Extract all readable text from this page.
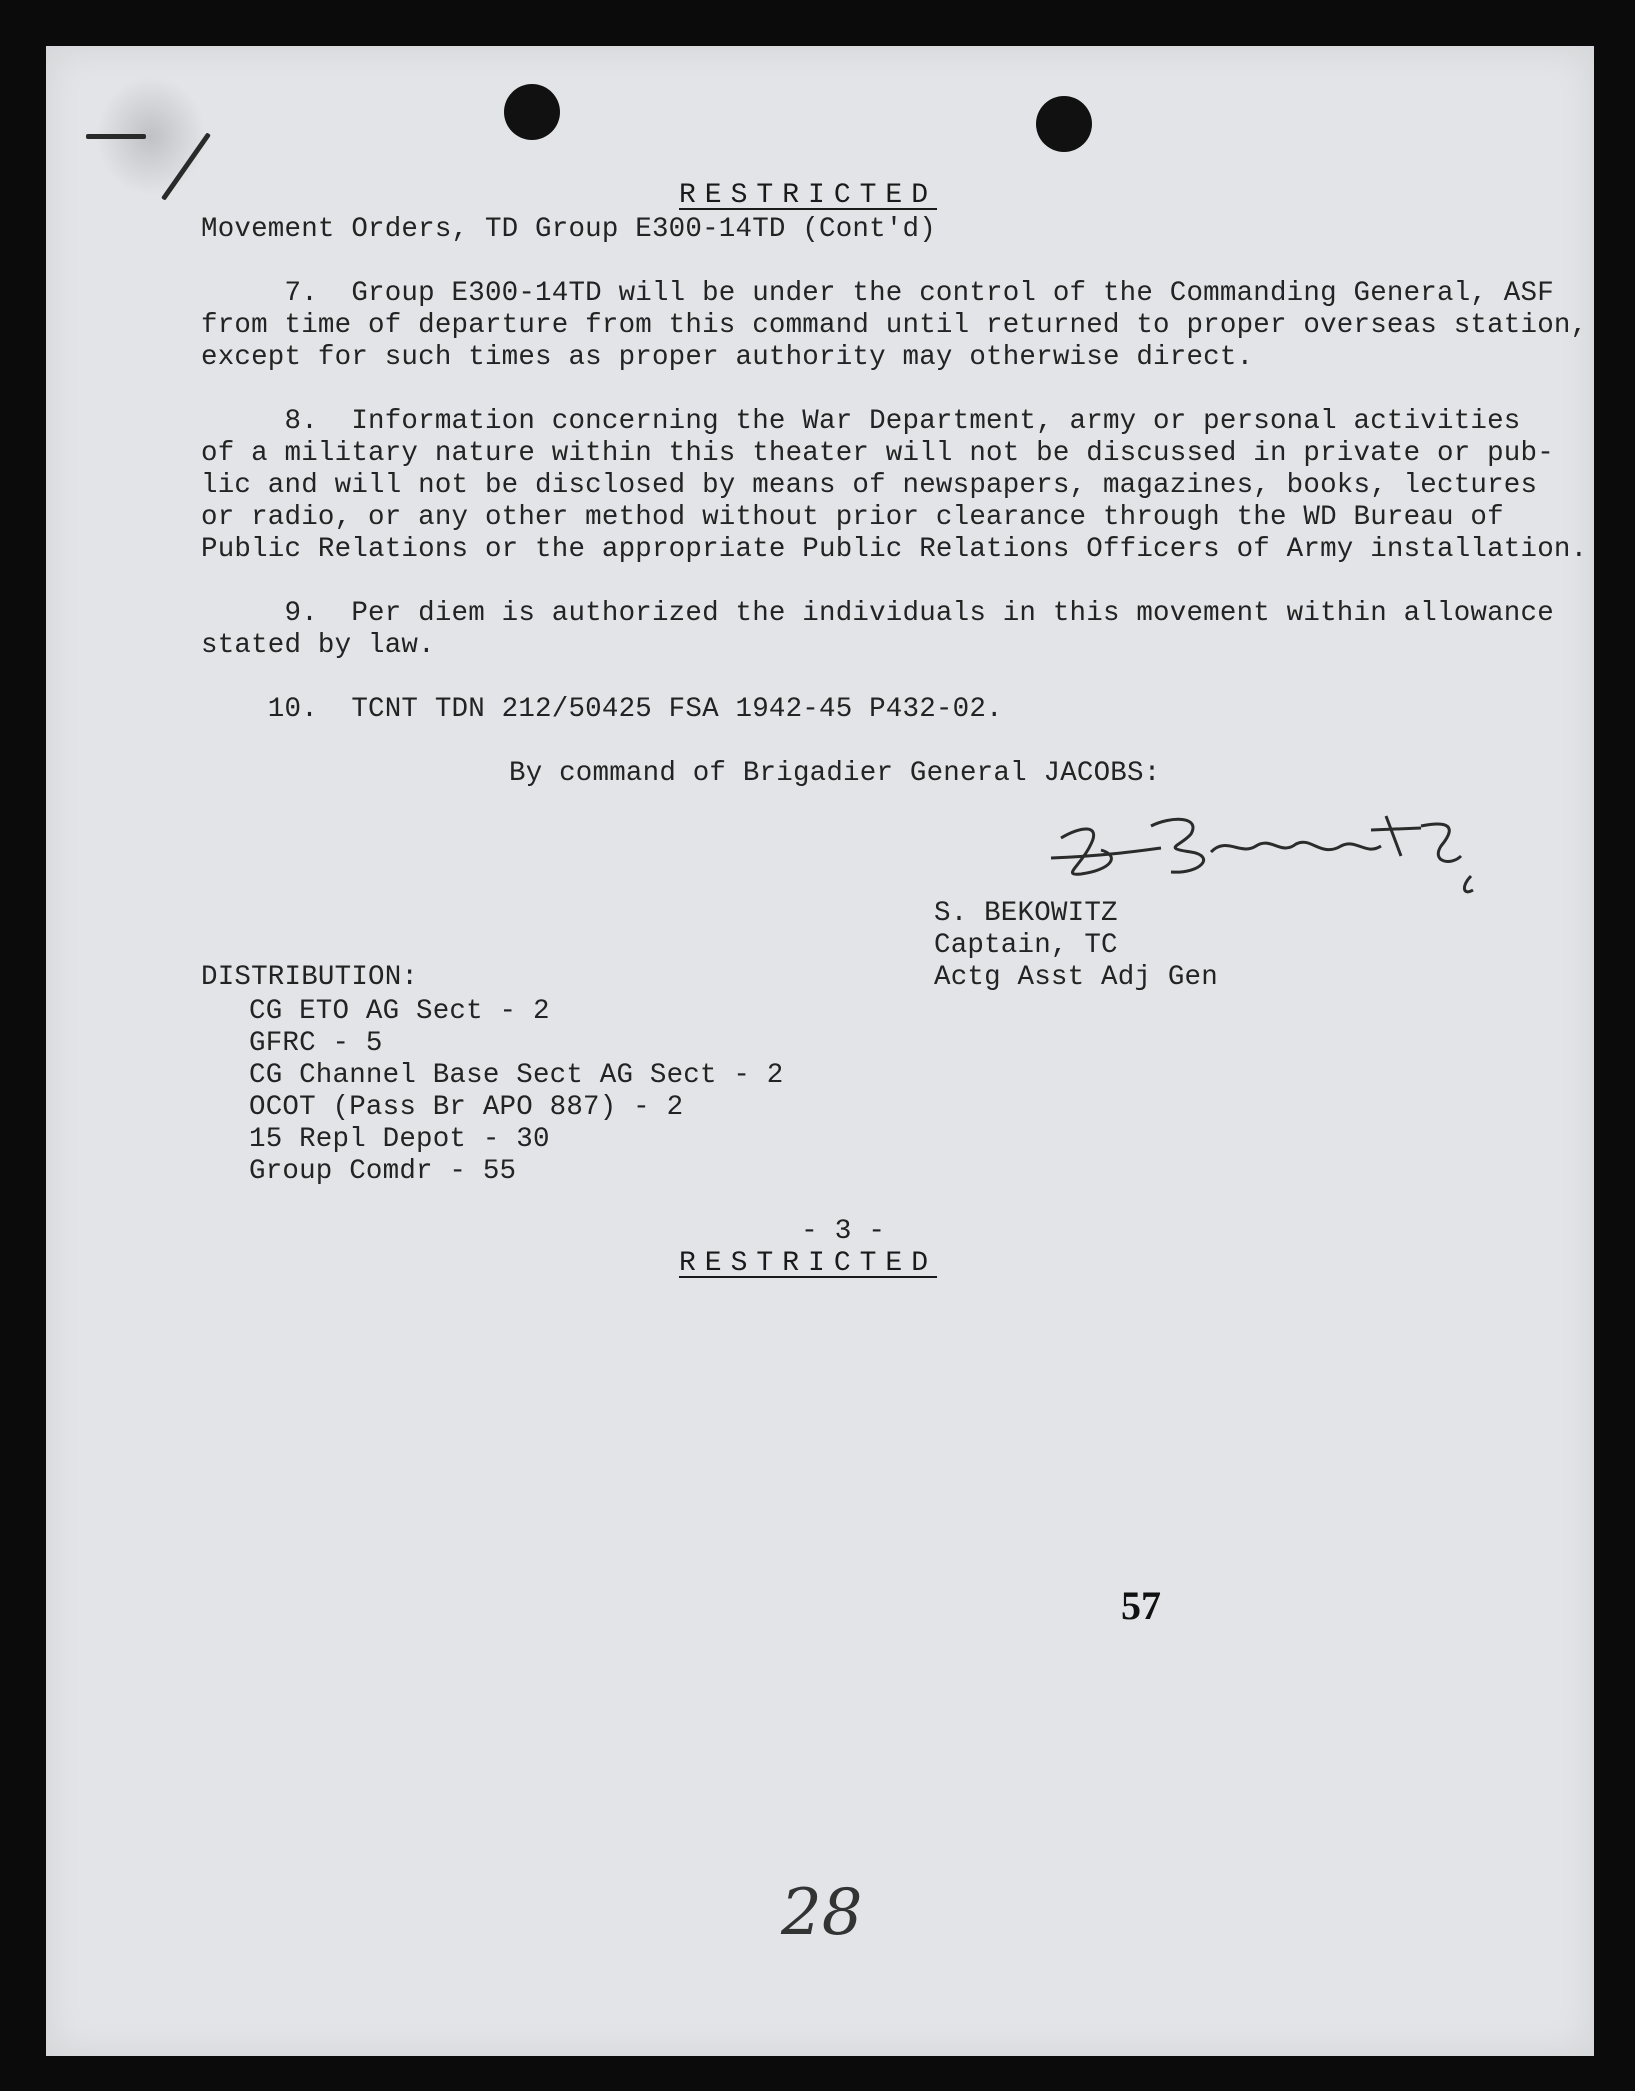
RESTRICTED
Movement Orders, TD Group E300-14TD (Cont'd)
7.  Group E300-14TD will be under the control of the Commanding General, ASF
from time of departure from this command until returned to proper overseas station,
except for such times as proper authority may otherwise direct.
8.  Information concerning the War Department, army or personal activities
of a military nature within this theater will not be discussed in private or pub-
lic and will not be disclosed by means of newspapers, magazines, books, lectures
or radio, or any other method without prior clearance through the WD Bureau of
Public Relations or the appropriate Public Relations Officers of Army installation.
9.  Per diem is authorized the individuals in this movement within allowance
stated by law.
10.  TCNT TDN 212/50425 FSA 1942-45 P432-02.
By command of Brigadier General JACOBS:
S. BEKOWITZ
Captain, TC
Actg Asst Adj Gen
DISTRIBUTION:
CG ETO AG Sect - 2
GFRC - 5
CG Channel Base Sect AG Sect - 2
OCOT (Pass Br APO 887) - 2
15 Repl Depot - 30
Group Comdr - 55
- 3 -
RESTRICTED
57
28
